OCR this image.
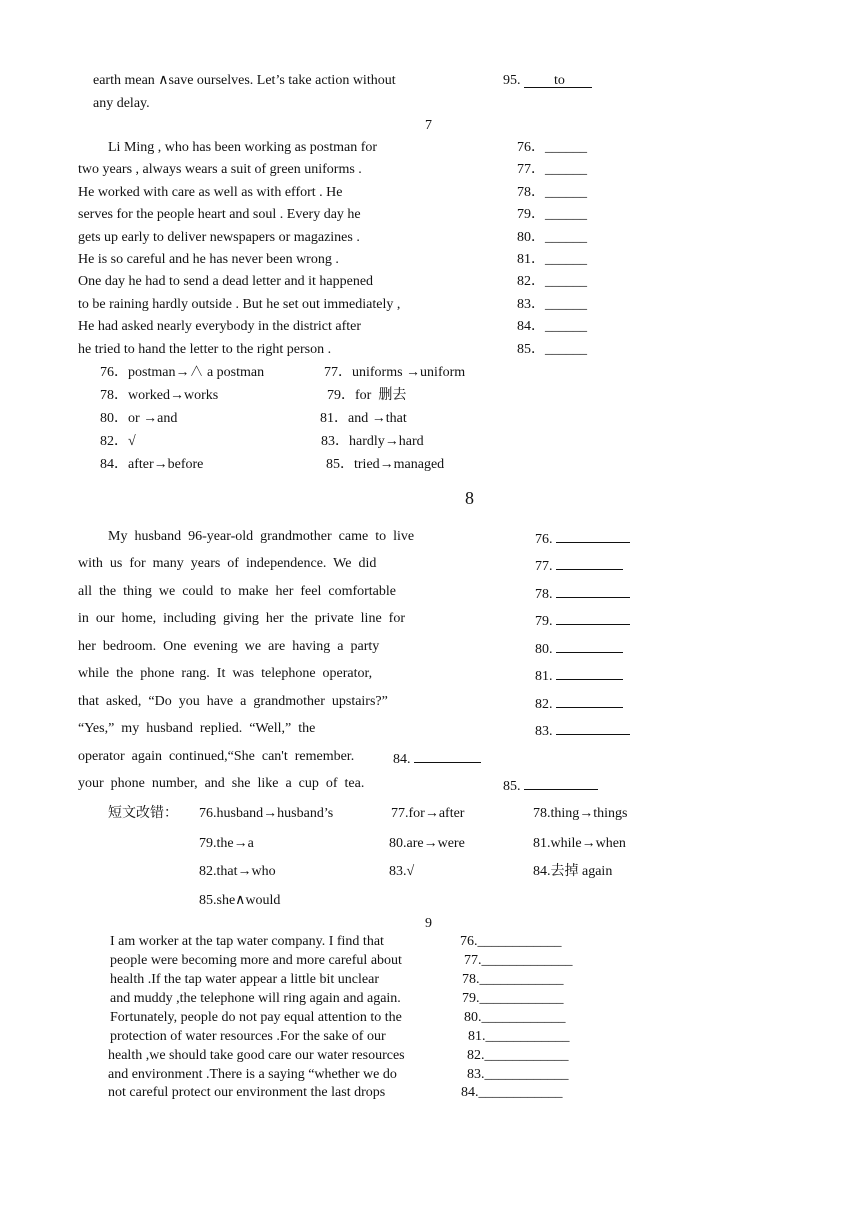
earth mean ∧save ourselves. Let’s take action without
any delay.
95. to
7
Li Ming , who has been working as postman for
two years , always wears a suit of green uniforms .
He worked with care as well as with effort . He
serves for the people heart and soul . Every day he
gets up early to deliver newspapers or magazines .
He is so careful and he has never been wrong .
One day he had to send a dead letter and it happened
to be raining hardly outside . But he set out immediately ,
He had asked nearly everybody in the district after
he tried to hand the letter to the right person .
76．______
77．______
78．______
79．______
80．______
81．______
82．______
83．______
84．______
85．______
76．postman→∧ a postman
78．worked→works
80．or →and
82．√
84．after→before
77．uniforms →uniform
79．for  删去
81．and →that
83．hardly→hard
85．tried→managed
8
My  husband  96-year-old  grandmother  came  to  live
with  us  for  many  years  of  independence.  We  did
all  the  thing  we  could  to  make  her  feel  comfortable
in  our  home,  including  giving  her  the  private  line  for
her  bedroom.  One  evening  we  are  having  a  party
while  the  phone  rang.  It  was  telephone  operator,
that  asked,  “Do  you  have  a  grandmother  upstairs?”
“Yes,”  my  husband  replied.  “Well,”  the
operator  again  continued,“She  can't  remember.
your  phone  number,  and  she  like  a  cup  of  tea.
76.
77.
78.
79.
80.
81.
82.
83.
84.
85.
短文改错： 76.husband→husband’s	77.for→after	78.thing→things
79.the→a	80.are→were	81.while→when
82.that→who	83.√	84.去掉 again
85.she∧would
9
I am worker at the tap water company. I find that
people were becoming more and more careful about
health .If the tap water appear a little bit unclear
and muddy ,the telephone will ring again and again.
Fortunately, people do not pay equal attention to the
protection of water resources .For the sake of our
health ,we should take good care our water resources
and environment .There is a saying “whether we do
not careful protect our environment the last drops
76.____________
77._____________
78.____________
79.____________
80.____________
81.____________
82.____________
83.____________
84.____________
